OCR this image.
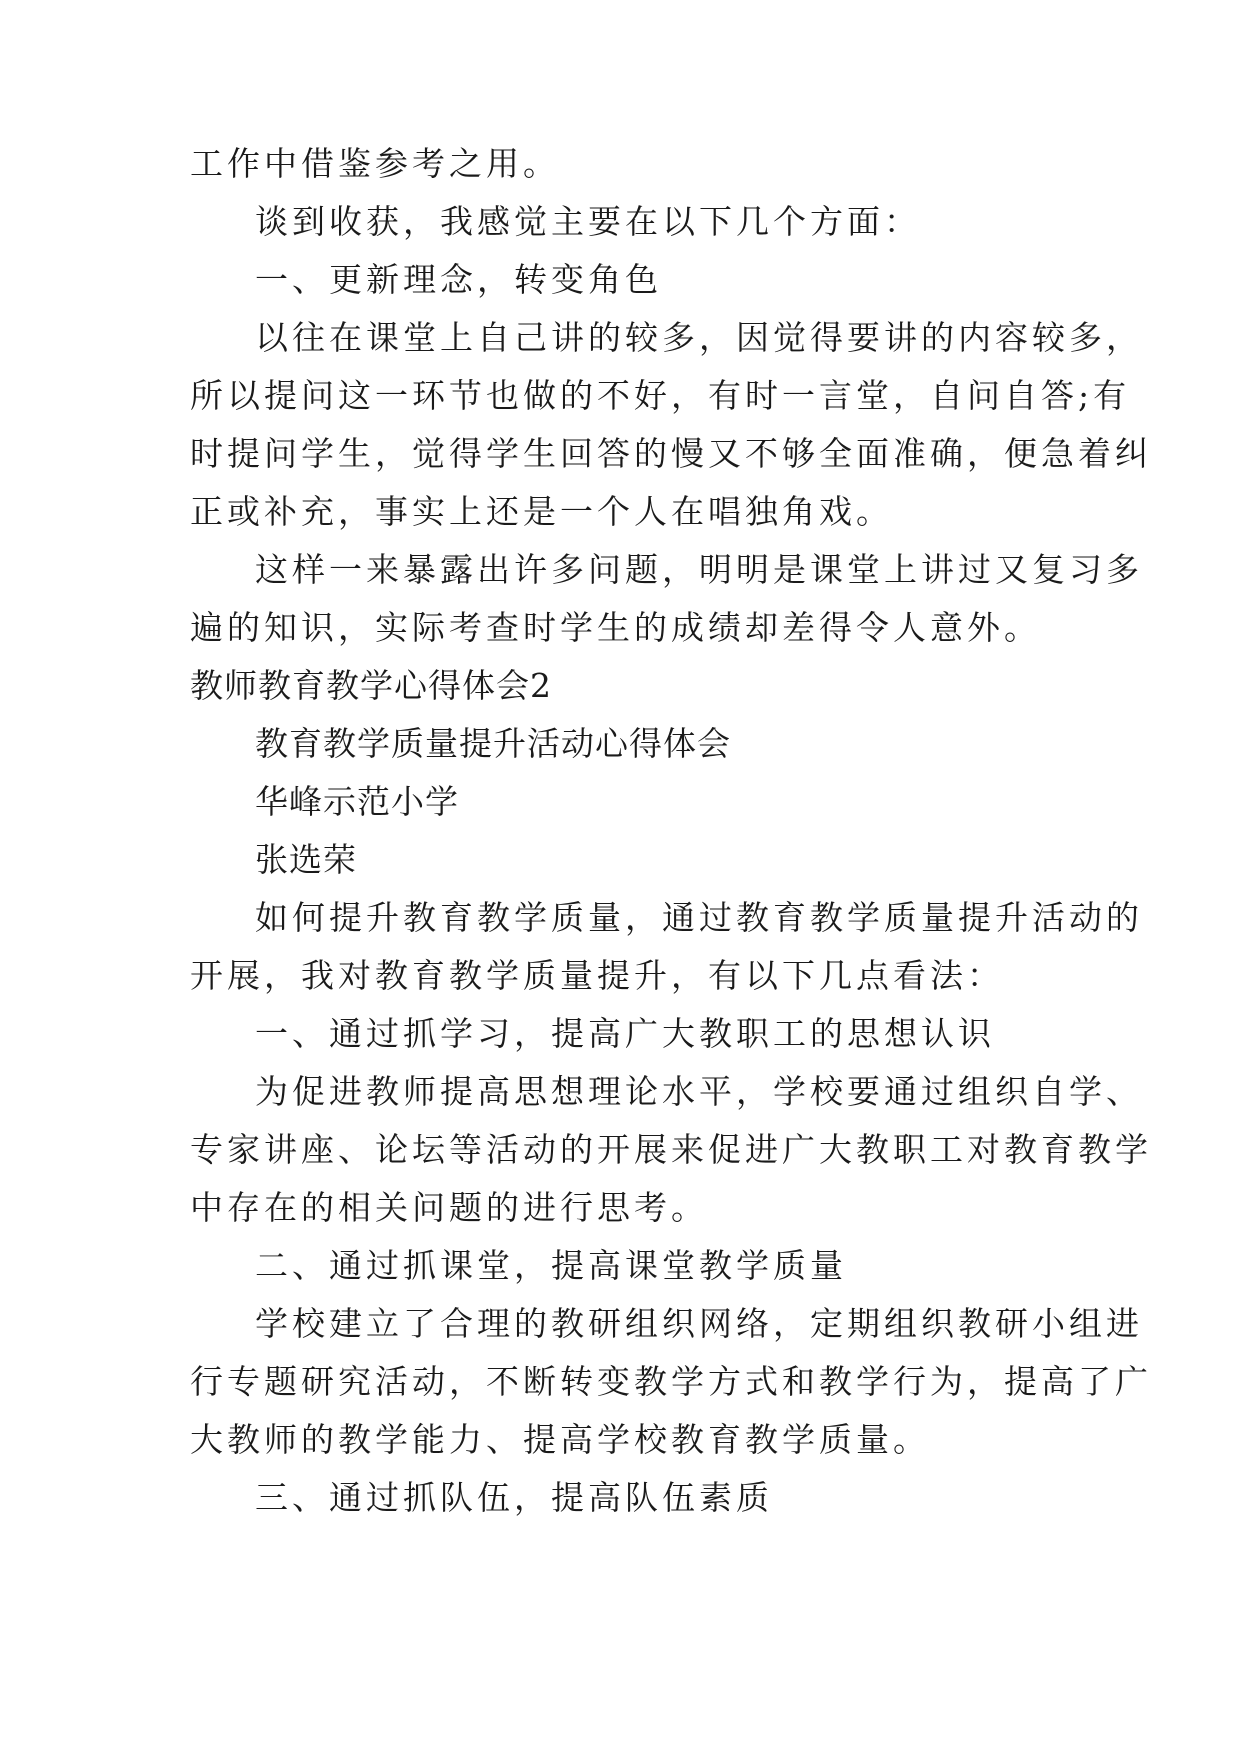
工作中借鉴参考之用。
谈到收获，我感觉主要在以下几个方面：
一、更新理念，转变角色
以往在课堂上自己讲的较多，因觉得要讲的内容较多，
所以提问这一环节也做的不好，有时一言堂，自问自答;有
时提问学生，觉得学生回答的慢又不够全面准确，便急着纠
正或补充，事实上还是一个人在唱独角戏。
这样一来暴露出许多问题，明明是课堂上讲过又复习多
遍的知识，实际考查时学生的成绩却差得令人意外。
教师教育教学心得体会2
教育教学质量提升活动心得体会
华峰示范小学
张选荣
如何提升教育教学质量，通过教育教学质量提升活动的
开展，我对教育教学质量提升，有以下几点看法：
一、通过抓学习，提高广大教职工的思想认识
为促进教师提高思想理论水平，学校要通过组织自学、
专家讲座、论坛等活动的开展来促进广大教职工对教育教学
中存在的相关问题的进行思考。
二、通过抓课堂，提高课堂教学质量
学校建立了合理的教研组织网络，定期组织教研小组进
行专题研究活动，不断转变教学方式和教学行为，提高了广
大教师的教学能力、提高学校教育教学质量。
三、通过抓队伍，提高队伍素质
